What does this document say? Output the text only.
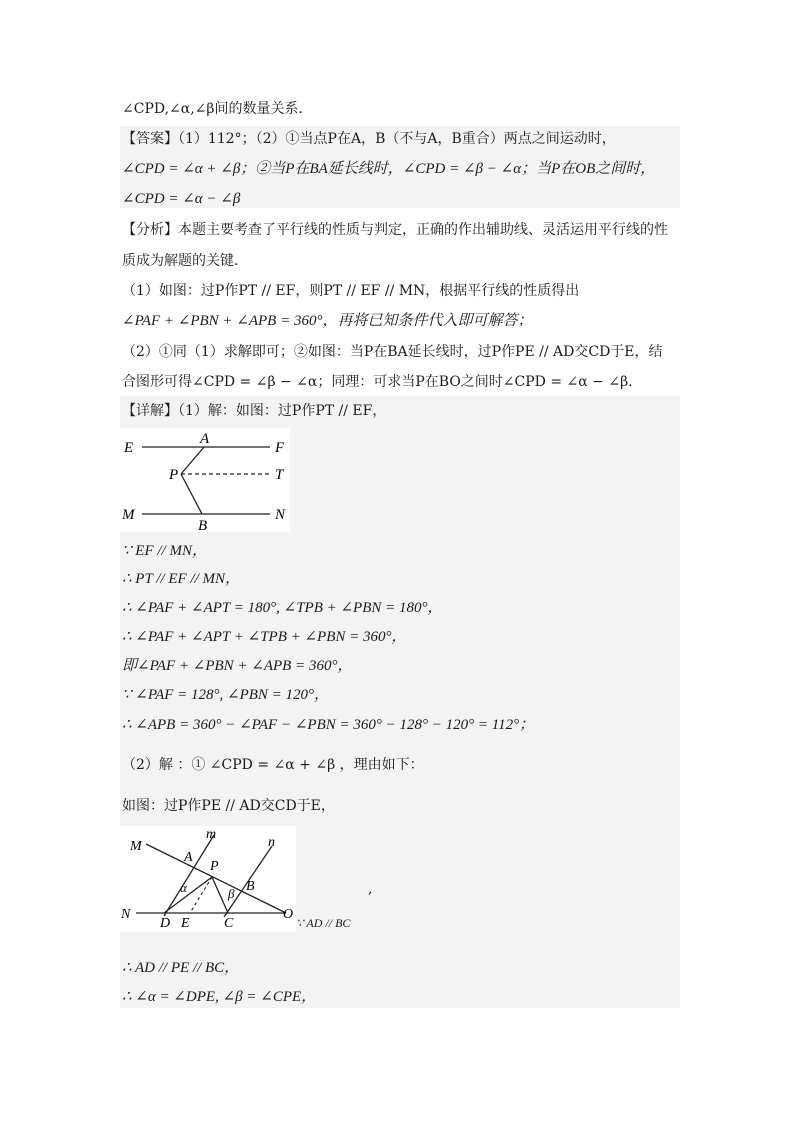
∠CPD,∠α,∠β间的数量关系.
【答案】（1）112°；（2）①当点P在A，B（不与A，B重合）两点之间运动时，
∠CPD = ∠α + ∠β；②当P在BA延长线时，∠CPD = ∠β − ∠α；当P在OB之间时，
∠CPD = ∠α − ∠β
【分析】本题主要考查了平行线的性质与判定，正确的作出辅助线、灵活运用平行线的性
质成为解题的关键.
（1）如图：过P作PT // EF，则PT // EF // MN，根据平行线的性质得出
∠PAF + ∠PBN + ∠APB = 360°，再将已知条件代入即可解答；
（2）①同（1）求解即可；②如图：当P在BA延长线时，过P作PE // AD交CD于E，结
合图形可得∠CPD = ∠β − ∠α；同理：可求当P在BO之间时∠CPD = ∠α − ∠β.
【详解】（1）解：如图：过P作PT // EF，
E
A
F
P	T
M
B
N
∵ EF // MN，
∴ PT // EF // MN，
∴ ∠PAF + ∠APT = 180°, ∠TPB + ∠PBN = 180°，
∴ ∠PAF + ∠APT + ∠TPB + ∠PBN = 360°，
即∠PAF + ∠PBN + ∠APB = 360°，
∵ ∠PAF = 128°, ∠PBN = 120°，
∴ ∠APB = 360° − ∠PAF − ∠PBN = 360° − 128° − 120° = 112°；
（2）解 ：① ∠CPD = ∠α + ∠β ，理由如下：
如图：过P作PE // AD交CD于E，
M
m
n
A
P
α	β B
N
D E C
O
,
∵ AD // BC
∴ AD // PE // BC，
∴ ∠α = ∠DPE, ∠β = ∠CPE，
